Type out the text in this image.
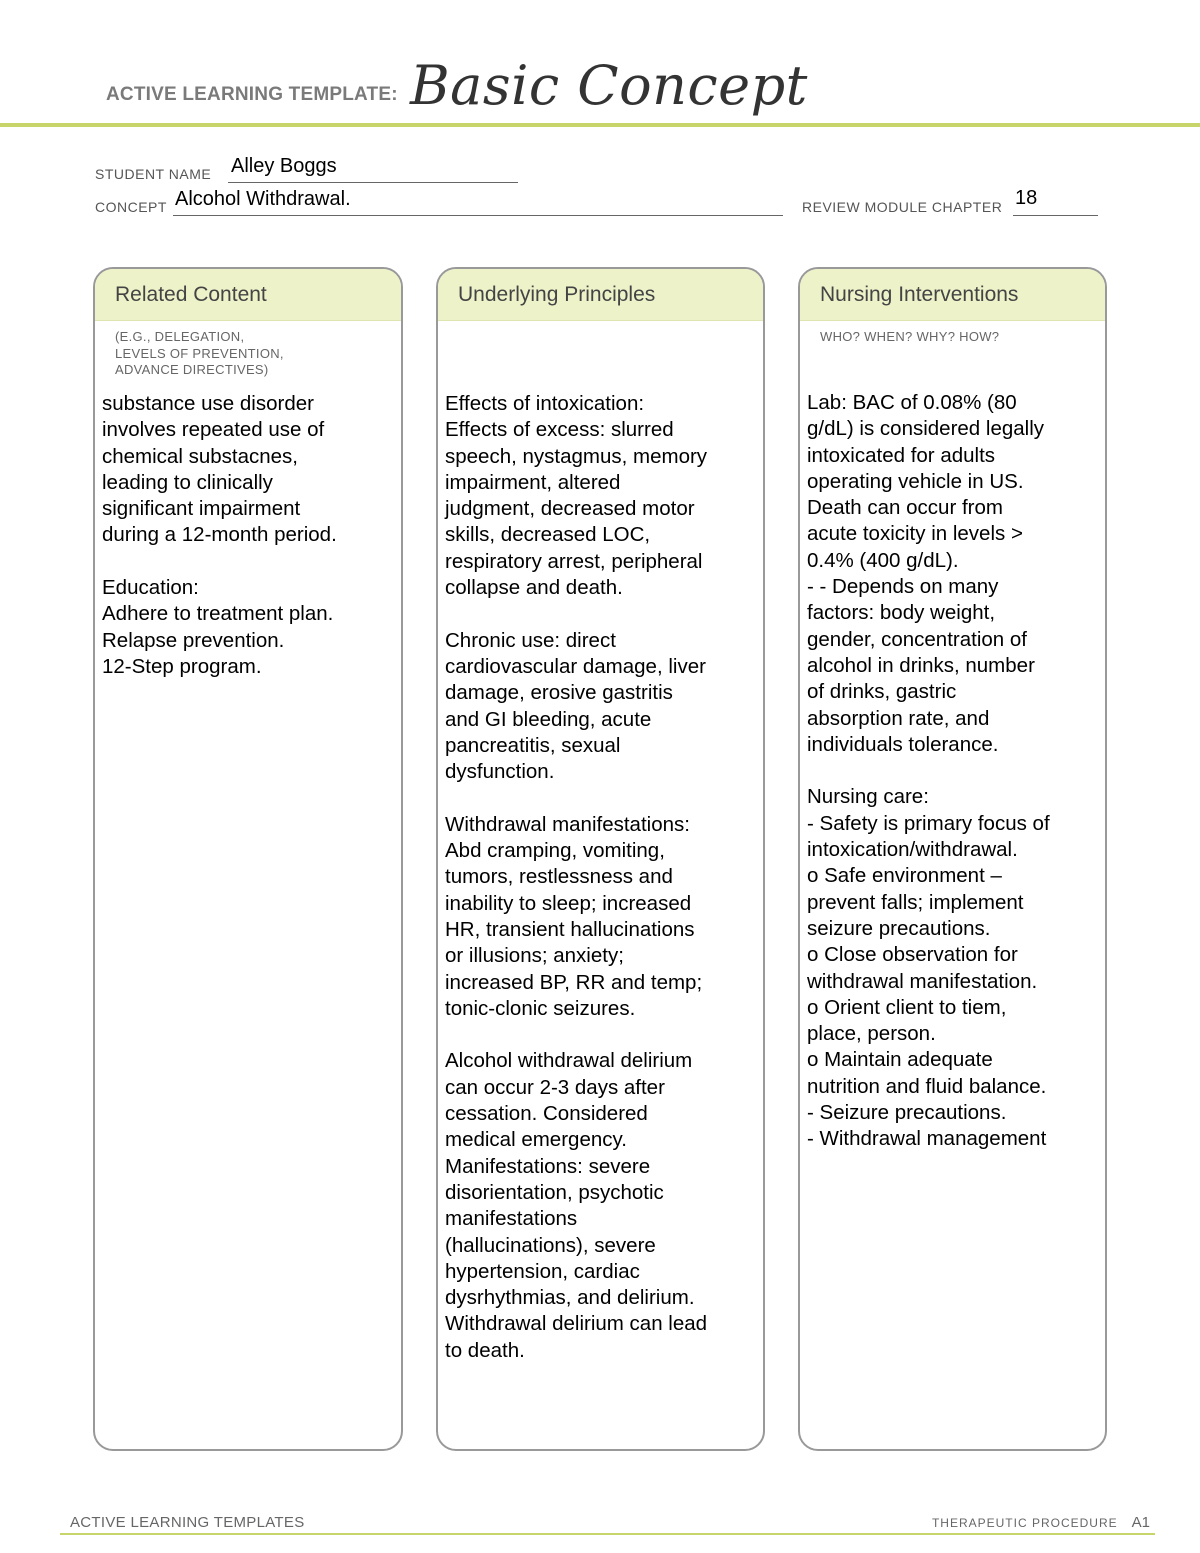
ACTIVE LEARNING TEMPLATE: Basic Concept
STUDENT NAME Alley Boggs
CONCEPT Alcohol Withdrawal.	REVIEW MODULE CHAPTER 18
Related Content
(E.G., DELEGATION,
LEVELS OF PREVENTION,
ADVANCE DIRECTIVES)
substance use disorder
involves repeated use of
chemical substacnes,
leading to clinically
significant impairment
during a 12-month period.

Education:
Adhere to treatment plan.
Relapse prevention.
12-Step program.
Underlying Principles
Effects of intoxication:
Effects of excess: slurred
speech, nystagmus, memory
impairment, altered
judgment, decreased motor
skills, decreased LOC,
respiratory arrest, peripheral
collapse and death.

Chronic use: direct
cardiovascular damage, liver
damage, erosive gastritis
and GI bleeding, acute
pancreatitis, sexual
dysfunction.

Withdrawal manifestations:
Abd cramping, vomiting,
tumors, restlessness and
inability to sleep; increased
HR, transient hallucinations
or illusions; anxiety;
increased BP, RR and temp;
tonic-clonic seizures.

Alcohol withdrawal delirium
can occur 2-3 days after
cessation. Considered
medical emergency.
Manifestations: severe
disorientation, psychotic
manifestations
(hallucinations), severe
hypertension, cardiac
dysrhythmias, and delirium.
Withdrawal delirium can lead
to death.
Nursing Interventions
WHO? WHEN? WHY? HOW?
Lab: BAC of 0.08% (80
g/dL) is considered legally
intoxicated for adults
operating vehicle in US.
Death can occur from
acute toxicity in levels >
0.4% (400 g/dL).
- - Depends on many
factors: body weight,
gender, concentration of
alcohol in drinks, number
of drinks, gastric
absorption rate, and
individuals tolerance.

Nursing care:
- Safety is primary focus of
intoxication/withdrawal.
o Safe environment –
prevent falls; implement
seizure precautions.
o Close observation for
withdrawal manifestation.
o Orient client to tiem,
place, person.
o Maintain adequate
nutrition and fluid balance.
- Seizure precautions.
- Withdrawal management
ACTIVE LEARNING TEMPLATES	THERAPEUTIC PROCEDURE A1
